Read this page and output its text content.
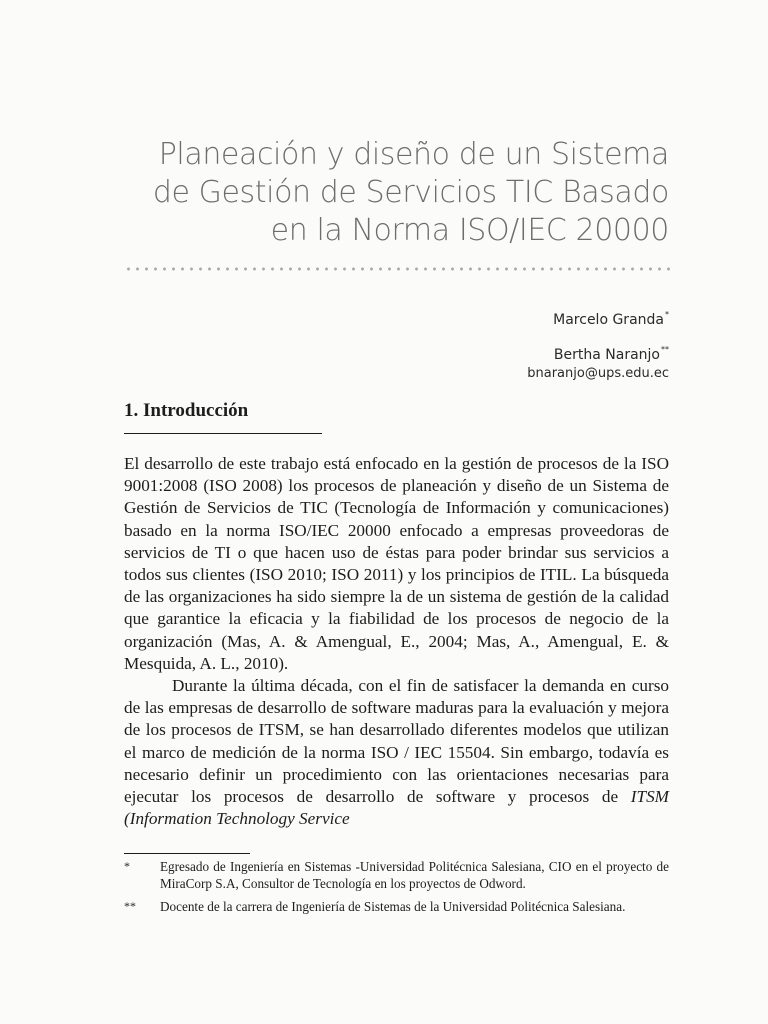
Planeación y diseño de un Sistema
de Gestión de Servicios TIC Basado
en la Norma ISO/IEC 20000
Marcelo Granda*
Bertha Naranjo**
bnaranjo@ups.edu.ec
1. Introducción

El desarrollo de este trabajo está enfocado en la gestión de procesos de la ISO 9001:2008 (ISO 2008) los procesos de planeación y diseño de un Sistema de Gestión de Servicios de TIC (Tecnología de Información y comunicaciones) basado en la norma ISO/IEC 20000 enfocado a empresas proveedoras de servicios de TI o que hacen uso de éstas para poder brindar sus servicios a todos sus clientes (ISO 2010; ISO 2011) y los principios de ITIL. La búsqueda de las organizaciones ha sido siempre la de un sistema de gestión de la calidad que garantice la eficacia y la fiabilidad de los procesos de negocio de la organización (Mas, A. & Amengual, E., 2004; Mas, A., Amengual, E. & Mesquida, A. L., 2010).

Durante la última década, con el fin de satisfacer la demanda en curso de las empresas de desarrollo de software maduras para la evaluación y mejora de los procesos de ITSM, se han desarrollado diferentes modelos que utilizan el marco de medición de la norma ISO / IEC 15504. Sin embargo, todavía es necesario definir un procedimiento con las orientaciones necesarias para ejecutar los procesos de desarrollo de software y procesos de ITSM (Information Technology Service

* Egresado de Ingeniería en Sistemas -Universidad Politécnica Salesiana, CIO en el proyecto de MiraCorp S.A, Consultor de Tecnología en los proyectos de Odword.
** Docente de la carrera de Ingeniería de Sistemas de la Universidad Politécnica Salesiana.
